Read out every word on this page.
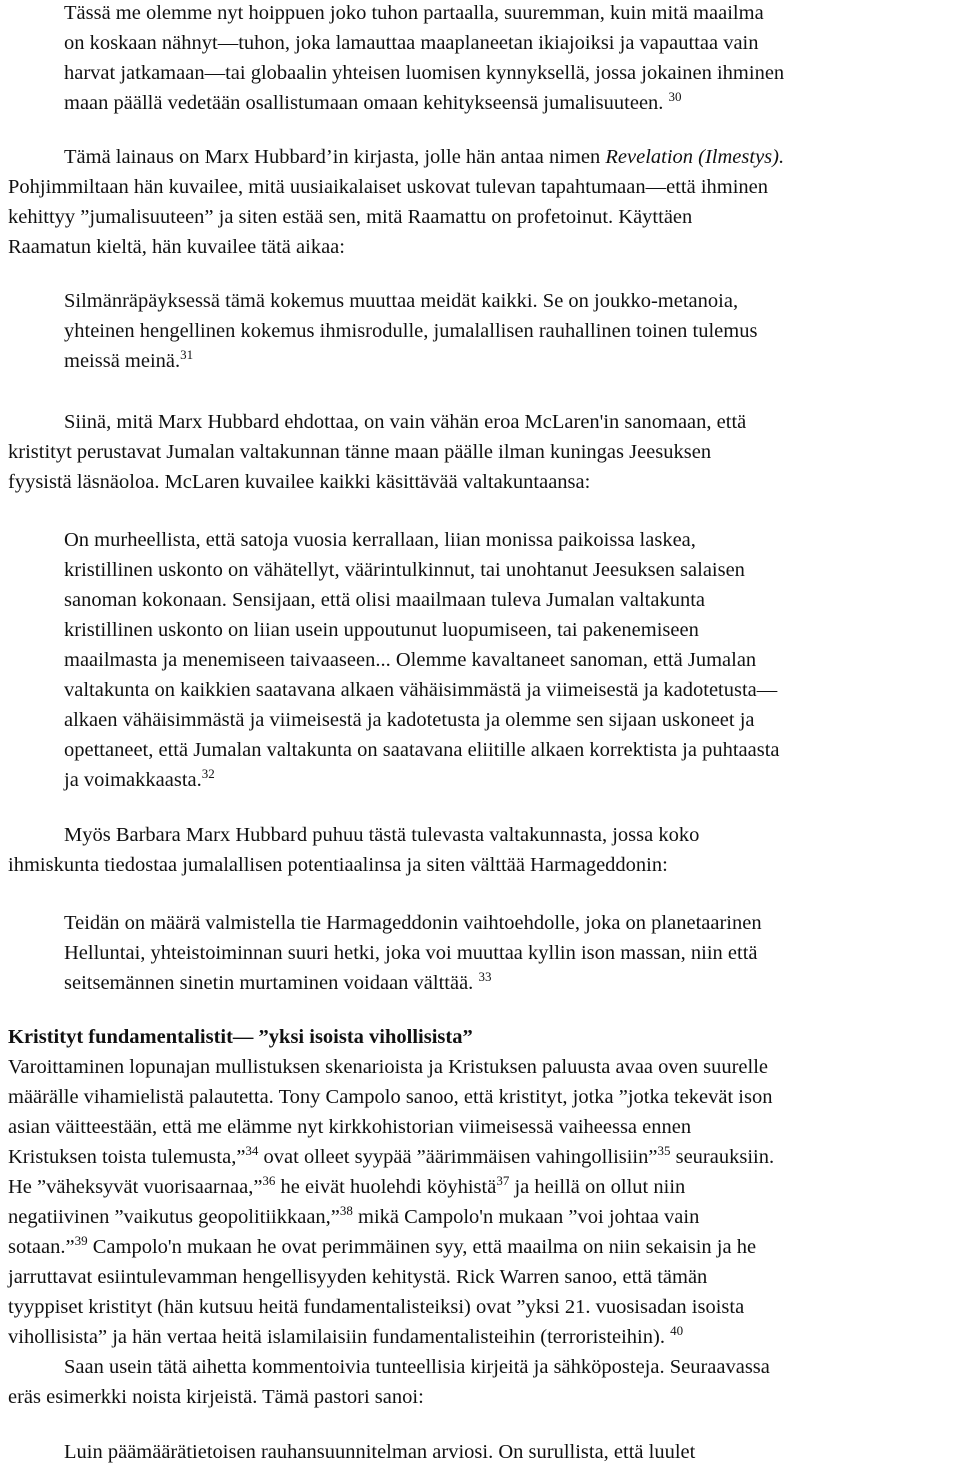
Tässä me olemme nyt hoippuen joko tuhon partaalla, suuremman, kuin mitä maailma
on koskaan nähnyt—tuhon, joka lamauttaa maaplaneetan ikiajoiksi ja vapauttaa vain
harvat jatkamaan—tai globaalin yhteisen luomisen kynnyksellä, jossa jokainen ihminen
maan päällä vedetään osallistumaan omaan kehitykseensä jumalisuuteen. $^{30}$
Tämä lainaus on Marx Hubbard’in kirjasta, jolle hän antaa nimen Revelation (Ilmestys).
Pohjimmiltaan hän kuvailee, mitä uusiaikalaiset uskovat tulevan tapahtumaan—että ihminen
kehittyy ”jumalisuuteen” ja siten estää sen, mitä Raamattu on profetoinut. Käyttäen
Raamatun kieltä, hän kuvailee tätä aikaa:
Silmänräpäyksessä tämä kokemus muuttaa meidät kaikki. Se on joukko-metanoia,
yhteinen hengellinen kokemus ihmisrodulle, jumalallisen rauhallinen toinen tulemus
meissä meinä.$^{31}$
Siinä, mitä Marx Hubbard ehdottaa, on vain vähän eroa McLaren'in sanomaan, että
kristityt perustavat Jumalan valtakunnan tänne maan päälle ilman kuningas Jeesuksen
fyysistä läsnäoloa. McLaren kuvailee kaikki käsittävää valtakuntaansa:
On murheellista, että satoja vuosia kerrallaan, liian monissa paikoissa laskea,
kristillinen uskonto on vähätellyt, väärintulkinnut, tai unohtanut Jeesuksen salaisen
sanoman kokonaan. Sensijaan, että olisi maailmaan tuleva Jumalan valtakunta
kristillinen uskonto on liian usein uppoutunut luopumiseen, tai pakenemiseen
maailmasta ja menemiseen taivaaseen... Olemme kavaltaneet sanoman, että Jumalan
valtakunta on kaikkien saatavana alkaen vähäisimmästä ja viimeisestä ja kadotetusta—
alkaen vähäisimmästä ja viimeisestä ja kadotetusta ja olemme sen sijaan uskoneet ja
opettaneet, että Jumalan valtakunta on saatavana eliitille alkaen korrektista ja puhtaasta
ja voimakkaasta.$^{32}$
Myös Barbara Marx Hubbard puhuu tästä tulevasta valtakunnasta, jossa koko
ihmiskunta tiedostaa jumalallisen potentiaalinsa ja siten välttää Harmageddonin:
Teidän on määrä valmistella tie Harmageddonin vaihtoehdolle, joka on planetaarinen
Helluntai, yhteistoiminnan suuri hetki, joka voi muuttaa kyllin ison massan, niin että
seitsemännen sinetin murtaminen voidaan välttää. $^{33}$
Kristityt fundamentalistit— ”yksi isoista vihollisista”
Varoittaminen lopunajan mullistuksen skenarioista ja Kristuksen paluusta avaa oven suurelle
määrälle vihamielistä palautetta. Tony Campolo sanoo, että kristityt, jotka ”jotka tekevät ison
asian väitteestään, että me elämme nyt kirkkohistorian viimeisessä vaiheessa ennen
Kristuksen toista tulemusta,”$^{34}$ ovat olleet syypää ”äärimmäisen vahingollisiin”$^{35}$ seurauksiin.
He ”väheksyvät vuorisaarnaa,”$^{36}$ he eivät huolehdi köyhistä$^{37}$ ja heillä on ollut niin
negatiivinen ”vaikutus geopolitiikkaan,”$^{38}$ mikä Campolo'n mukaan ”voi johtaa vain
sotaan.”$^{39}$ Campolo'n mukaan he ovat perimmäinen syy, että maailma on niin sekaisin ja he
jarruttavat esiintulevamman hengellisyyden kehitystä. Rick Warren sanoo, että tämän
tyyppiset kristityt (hän kutsuu heitä fundamentalisteiksi) ovat ”yksi 21. vuosisadan isoista
vihollisista” ja hän vertaa heitä islamilaisiin fundamentalisteihin (terroristeihin). $^{40}$
Saan usein tätä aihetta kommentoivia tunteellisia kirjeitä ja sähköposteja. Seuraavassa
eräs esimerkki noista kirjeistä. Tämä pastori sanoi:
Luin päämäärätietoisen rauhansuunnitelman arviosi. On surullista, että luulet
